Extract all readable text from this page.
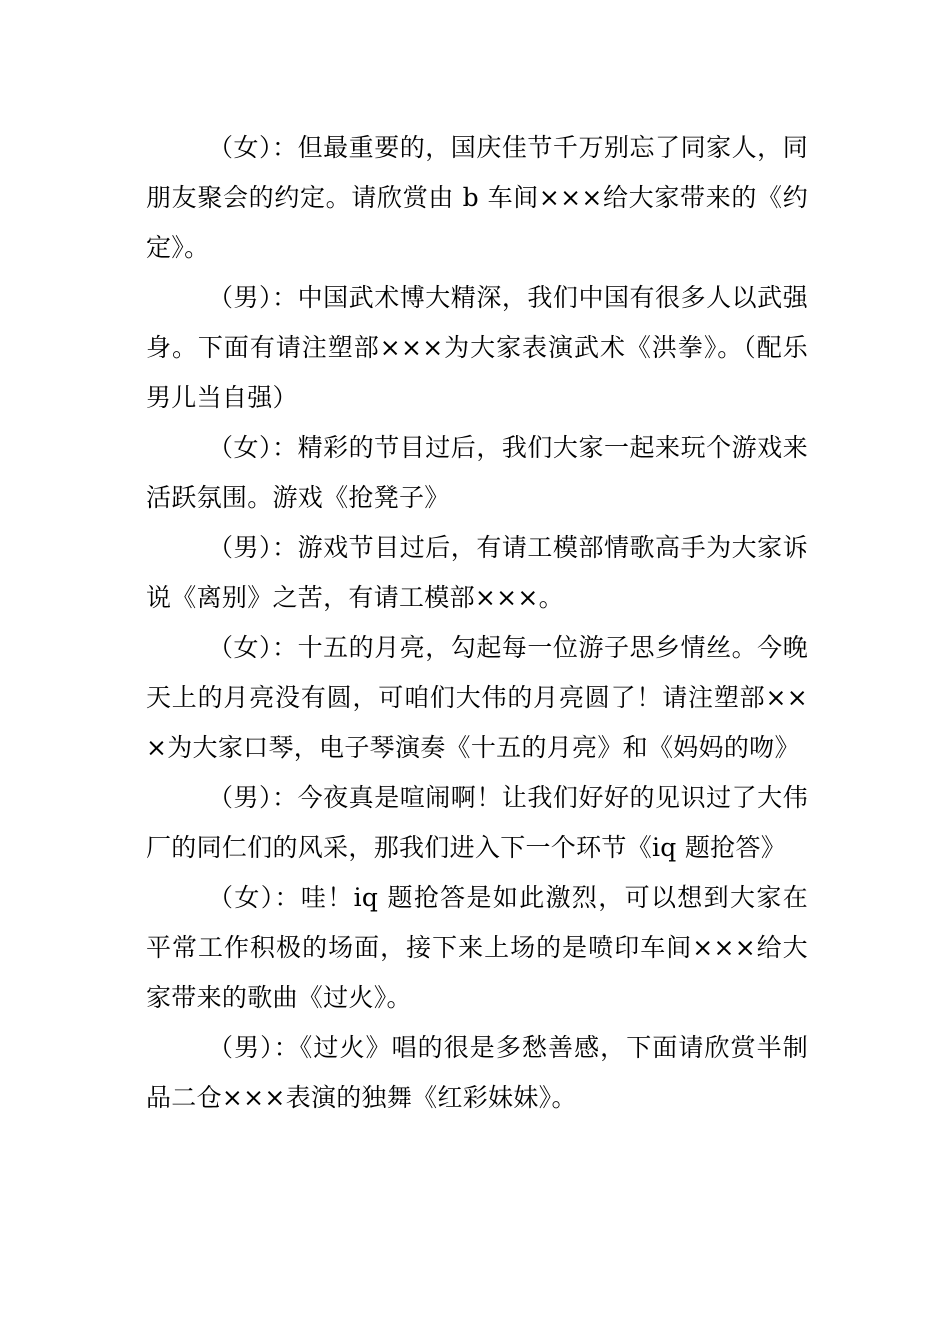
（女）：但最重要的，国庆佳节千万别忘了同家人，同朋友聚会的约定。请欣赏由 b 车间×××给大家带来的《约定》。

（男）：中国武术博大精深，我们中国有很多人以武强身。下面有请注塑部×××为大家表演武术《洪拳》。（配乐男儿当自强）

（女）：精彩的节目过后，我们大家一起来玩个游戏来活跃氛围。游戏《抢凳子》

（男）：游戏节目过后，有请工模部情歌高手为大家诉说《离别》之苦，有请工模部×××。

（女）：十五的月亮，勾起每一位游子思乡情丝。今晚天上的月亮没有圆，可咱们大伟的月亮圆了！请注塑部×××为大家口琴，电子琴演奏《十五的月亮》和《妈妈的吻》

（男）：今夜真是喧闹啊！让我们好好的见识过了大伟厂的同仁们的风采，那我们进入下一个环节《iq 题抢答》

（女）：哇！iq 题抢答是如此激烈，可以想到大家在平常工作积极的场面，接下来上场的是喷印车间×××给大家带来的歌曲《过火》。

（男）：《过火》唱的很是多愁善感，下面请欣赏半制品二仓×××表演的独舞《红彩妹妹》。
